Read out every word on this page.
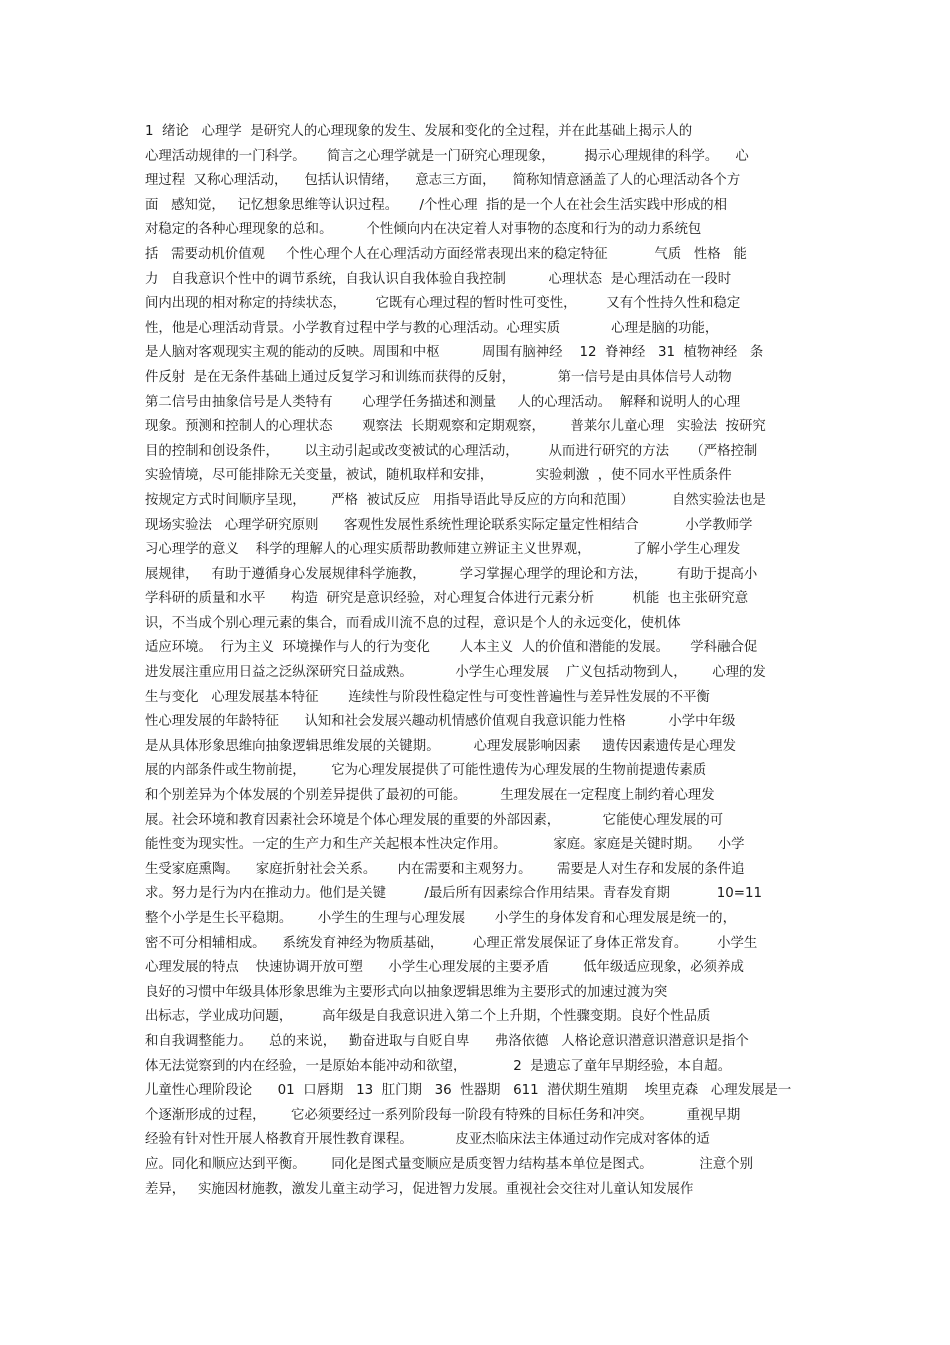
1  绪论   心理学  是研究人的心理现象的发生、发展和变化的全过程，并在此基础上揭示人的
心理活动规律的一门科学。     简言之心理学就是一门研究心理现象，       揭示心理规律的科学。    心
理过程  又称心理活动，    包括认识情绪，    意志三方面，    简称知情意涵盖了人的心理活动各个方
面   感知觉，   记忆想象思维等认识过程。     /个性心理  指的是一个人在社会生活实践中形成的相
对稳定的各种心理现象的总和。        个性倾向内在决定着人对事物的态度和行为的动力系统包
括   需要动机价值观     个性心理个人在心理活动方面经常表现出来的稳定特征           气质   性格   能
力   自我意识个性中的调节系统，自我认识自我体验自我控制          心理状态  是心理活动在一段时
间内出现的相对称定的持续状态，       它既有心理过程的暂时性可变性，       又有个性持久性和稳定
性，他是心理活动背景。小学教育过程中学与教的心理活动。心理实质            心理是脑的功能，
是人脑对客观现实主观的能动的反映。周围和中枢          周围有脑神经    12  脊神经   31  植物神经   条
件反射  是在无条件基础上通过反复学习和训练而获得的反射，          第一信号是由具体信号人动物
第二信号由抽象信号是人类特有       心理学任务描述和测量     人的心理活动。  解释和说明人的心理
现象。预测和控制人的心理状态       观察法  长期观察和定期观察，      普莱尔儿童心理   实验法  按研究
目的控制和创设条件，      以主动引起或改变被试的心理活动，       从而进行研究的方法     （严格控制
实验情境，尽可能排除无关变量，被试，随机取样和安排，          实验刺激  ，使不同水平性质条件
按规定方式时间顺序呈现，      严格  被试反应   用指导语此导反应的方向和范围）         自然实验法也是
现场实验法   心理学研究原则      客观性发展性系统性理论联系实际定量定性相结合           小学教师学
习心理学的意义    科学的理解人的心理实质帮助教师建立辨证主义世界观，          了解小学生心理发
展规律，   有助于遵循身心发展规律科学施教，        学习掌握心理学的理论和方法，       有助于提高小
学科研的质量和水平      构造  研究是意识经验，对心理复合体进行元素分析         机能  也主张研究意
识，不当成个别心理元素的集合，而看成川流不息的过程，意识是个人的永远变化，使机体
适应环境。  行为主义  环境操作与人的行为变化       人本主义  人的价值和潜能的发展。     学科融合促
进发展注重应用日益之泛纵深研究日益成熟。          小学生心理发展    广义包括动物到人，      心理的发
生与变化   心理发展基本特征       连续性与阶段性稳定性与可变性普遍性与差异性发展的不平衡
性心理发展的年龄特征      认知和社会发展兴趣动机情感价值观自我意识能力性格          小学中年级
是从具体形象思维向抽象逻辑思维发展的关键期。        心理发展影响因素     遗传因素遗传是心理发
展的内部条件或生物前提，      它为心理发展提供了可能性遗传为心理发展的生物前提遗传素质
和个别差异为个体发展的个别差异提供了最初的可能。        生理发展在一定程度上制约着心理发
展。社会环境和教育因素社会环境是个体心理发展的重要的外部因素，          它能使心理发展的可
能性变为现实性。一定的生产力和生产关起根本性决定作用。           家庭。家庭是关键时期。    小学
生受家庭熏陶。    家庭折射社会关系。     内在需要和主观努力。      需要是人对生存和发展的条件追
求。努力是行为内在推动力。他们是关键         /最后所有因素综合作用结果。青春发育期           10=11
整个小学是生长平稳期。      小学生的生理与心理发展       小学生的身体发育和心理发展是统一的，
密不可分相辅相成。    系统发育神经为物质基础，       心理正常发展保证了身体正常发育。       小学生
心理发展的特点    快速协调开放可塑      小学生心理发展的主要矛盾        低年级适应现象，必须养成
良好的习惯中年级具体形象思维为主要形式向以抽象逻辑思维为主要形式的加速过渡为突
出标志，学业成功问题，       高年级是自我意识进入第二个上升期，个性骤变期。良好个性品质
和自我调整能力。    总的来说，   勤奋进取与自贬自卑      弗洛依德   人格论意识潜意识潜意识是指个
体无法觉察到的内在经验，一是原始本能冲动和欲望，           2  是遗忘了童年早期经验，本自超。
儿童性心理阶段论      01  口唇期   13  肛门期   36  性器期   611  潜伏期生殖期    埃里克森   心理发展是一
个逐渐形成的过程，      它必须要经过一系列阶段每一阶段有特殊的目标任务和冲突。        重视早期
经验有针对性开展人格教育开展性教育课程。          皮亚杰临床法主体通过动作完成对客体的适
应。同化和顺应达到平衡。      同化是图式量变顺应是质变智力结构基本单位是图式。           注意个别
差异，   实施因材施教，激发儿童主动学习，促进智力发展。重视社会交往对儿童认知发展作
